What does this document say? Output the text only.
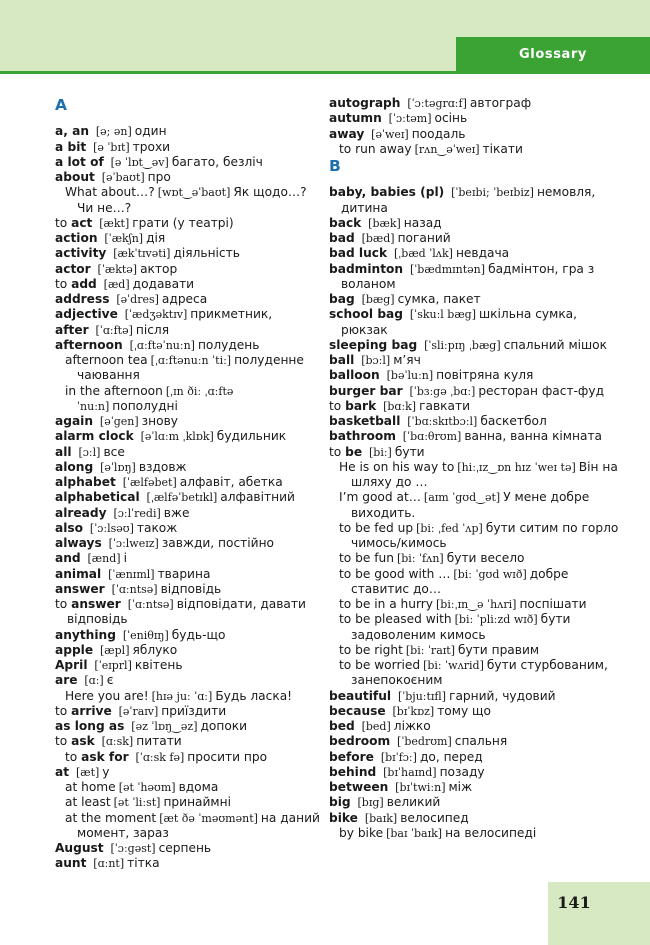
Glossary
A
a, an [ə; ən] один
a bit [ə ˈbɪt] трохи
a lot of [ə ˈlɒt‿əv] багато, безліч
about [əˈbaʊt] про
What about…? [wɒt‿əˈbaʊt] Як щодо…? Чи не…?
to act [ækt] грати (у театрі)
action [ˈækʃn] дія
activity [ækˈtɪvəti] діяльність
actor [ˈæktə] актор
to add [æd] додавати
address [əˈdres] адреса
adjective [ˈædʒəktɪv] прикметник,
after [ˈɑːftə] після
afternoon [ˌɑːftəˈnuːn] полудень
afternoon tea [ˌɑːftənuːn ˈtiː] полуденне чаювання
in the afternoon [ˌɪn ðiː ˌɑːftəˈnuːn] пополудні
again [əˈgen] знову
alarm clock [əˈlɑːm ˌklɒk] будильник
all [ɔːl] все
along [əˈlɒŋ] вздовж
alphabet [ˈælfəbet] алфавіт, абетка
alphabetical [ˌælfəˈbetɪkl] алфавітний
already [ɔːlˈredi] вже
also [ˈɔːlsəʊ] також
always [ˈɔːlweɪz] завжди, постійно
and [ænd] і
animal [ˈænɪml] тварина
answer [ˈɑːntsə] відповідь
to answer [ˈɑːntsə] відповідати, давати відповідь
anything [ˈeniθɪŋ] будь-що
apple [æpl] яблуко
April [ˈeɪprl] квітень
are [ɑː] є
Here you are! [hɪə juː ˈɑː] Будь ласка!
to arrive [əˈraɪv] приїздити
as long as [əz ˈlɒŋ‿əz] допоки
to ask [ɑːsk] питати
to ask for [ˈɑːsk fə] просити про
at [æt] у
at home [ət ˈhəʊm] вдома
at least [ət ˈliːst] принаймні
at the moment [æt ðə ˈməʊmənt] на даний момент, зараз
August [ˈɔːgəst] серпень
aunt [ɑːnt] тітка
autograph [ˈɔːtəgrɑːf] автограф
autumn [ˈɔːtəm] осінь
away [əˈweɪ] поодаль
to run away [rʌn‿əˈweɪ] тікати
B
baby, babies (pl) [ˈbeɪbi; ˈbeɪbiz] немовля, дитина
back [bæk] назад
bad [bæd] поганий
bad luck [ˌbæd ˈlʌk] невдача
badminton [ˈbædmɪntən] бадмінтон, гра з воланом
bag [bæg] сумка, пакет
school bag [ˈskuːl bæg] шкільна сумка, рюкзак
sleeping bag [ˈsliːpɪŋ ˌbæg] спальний мішок
ball [bɔːl] м’яч
balloon [bəˈluːn] повітряна куля
burger bar [ˈbɜːgə ˌbɑː] ресторан фаст-фуд
to bark [bɑːk] гавкати
basketball [ˈbɑːskɪtbɔːl] баскетбол
bathroom [ˈbɑːθrʊm] ванна, ванна кімната
to be [biː] бути
He is on his way to [hiːˌɪz‿ɒn hɪz ˈweɪ tə] Він на шляху до …
I’m good at… [aɪm ˈgʊd‿ət] У мене добре виходить.
to be fed up [biː ˌfed ˈʌp] бути ситим по горло чимось/кимось
to be fun [biː ˈfʌn] бути весело
to be good with … [biː ˈgʊd wɪð] добре ставитис до…
to be in a hurry [biːˌɪn‿ə ˈhʌri] поспішати
to be pleased with [biː ˈpliːzd wɪð] бути задоволеним кимось
to be right [biː ˈraɪt] бути правим
to be worried [biː ˈwʌrid] бути стурбованим, занепокоєним
beautiful [ˈbjuːtɪfl] гарний, чудовий
because [bɪˈkɒz] тому що
bed [bed] ліжко
bedroom [ˈbedrʊm] спальня
before [bɪˈfɔː] до, перед
behind [bɪˈhaɪnd] позаду
between [bɪˈtwiːn] між
big [bɪg] великий
bike [baɪk] велосипед
by bike [baɪ ˈbaɪk] на велосипеді
141
